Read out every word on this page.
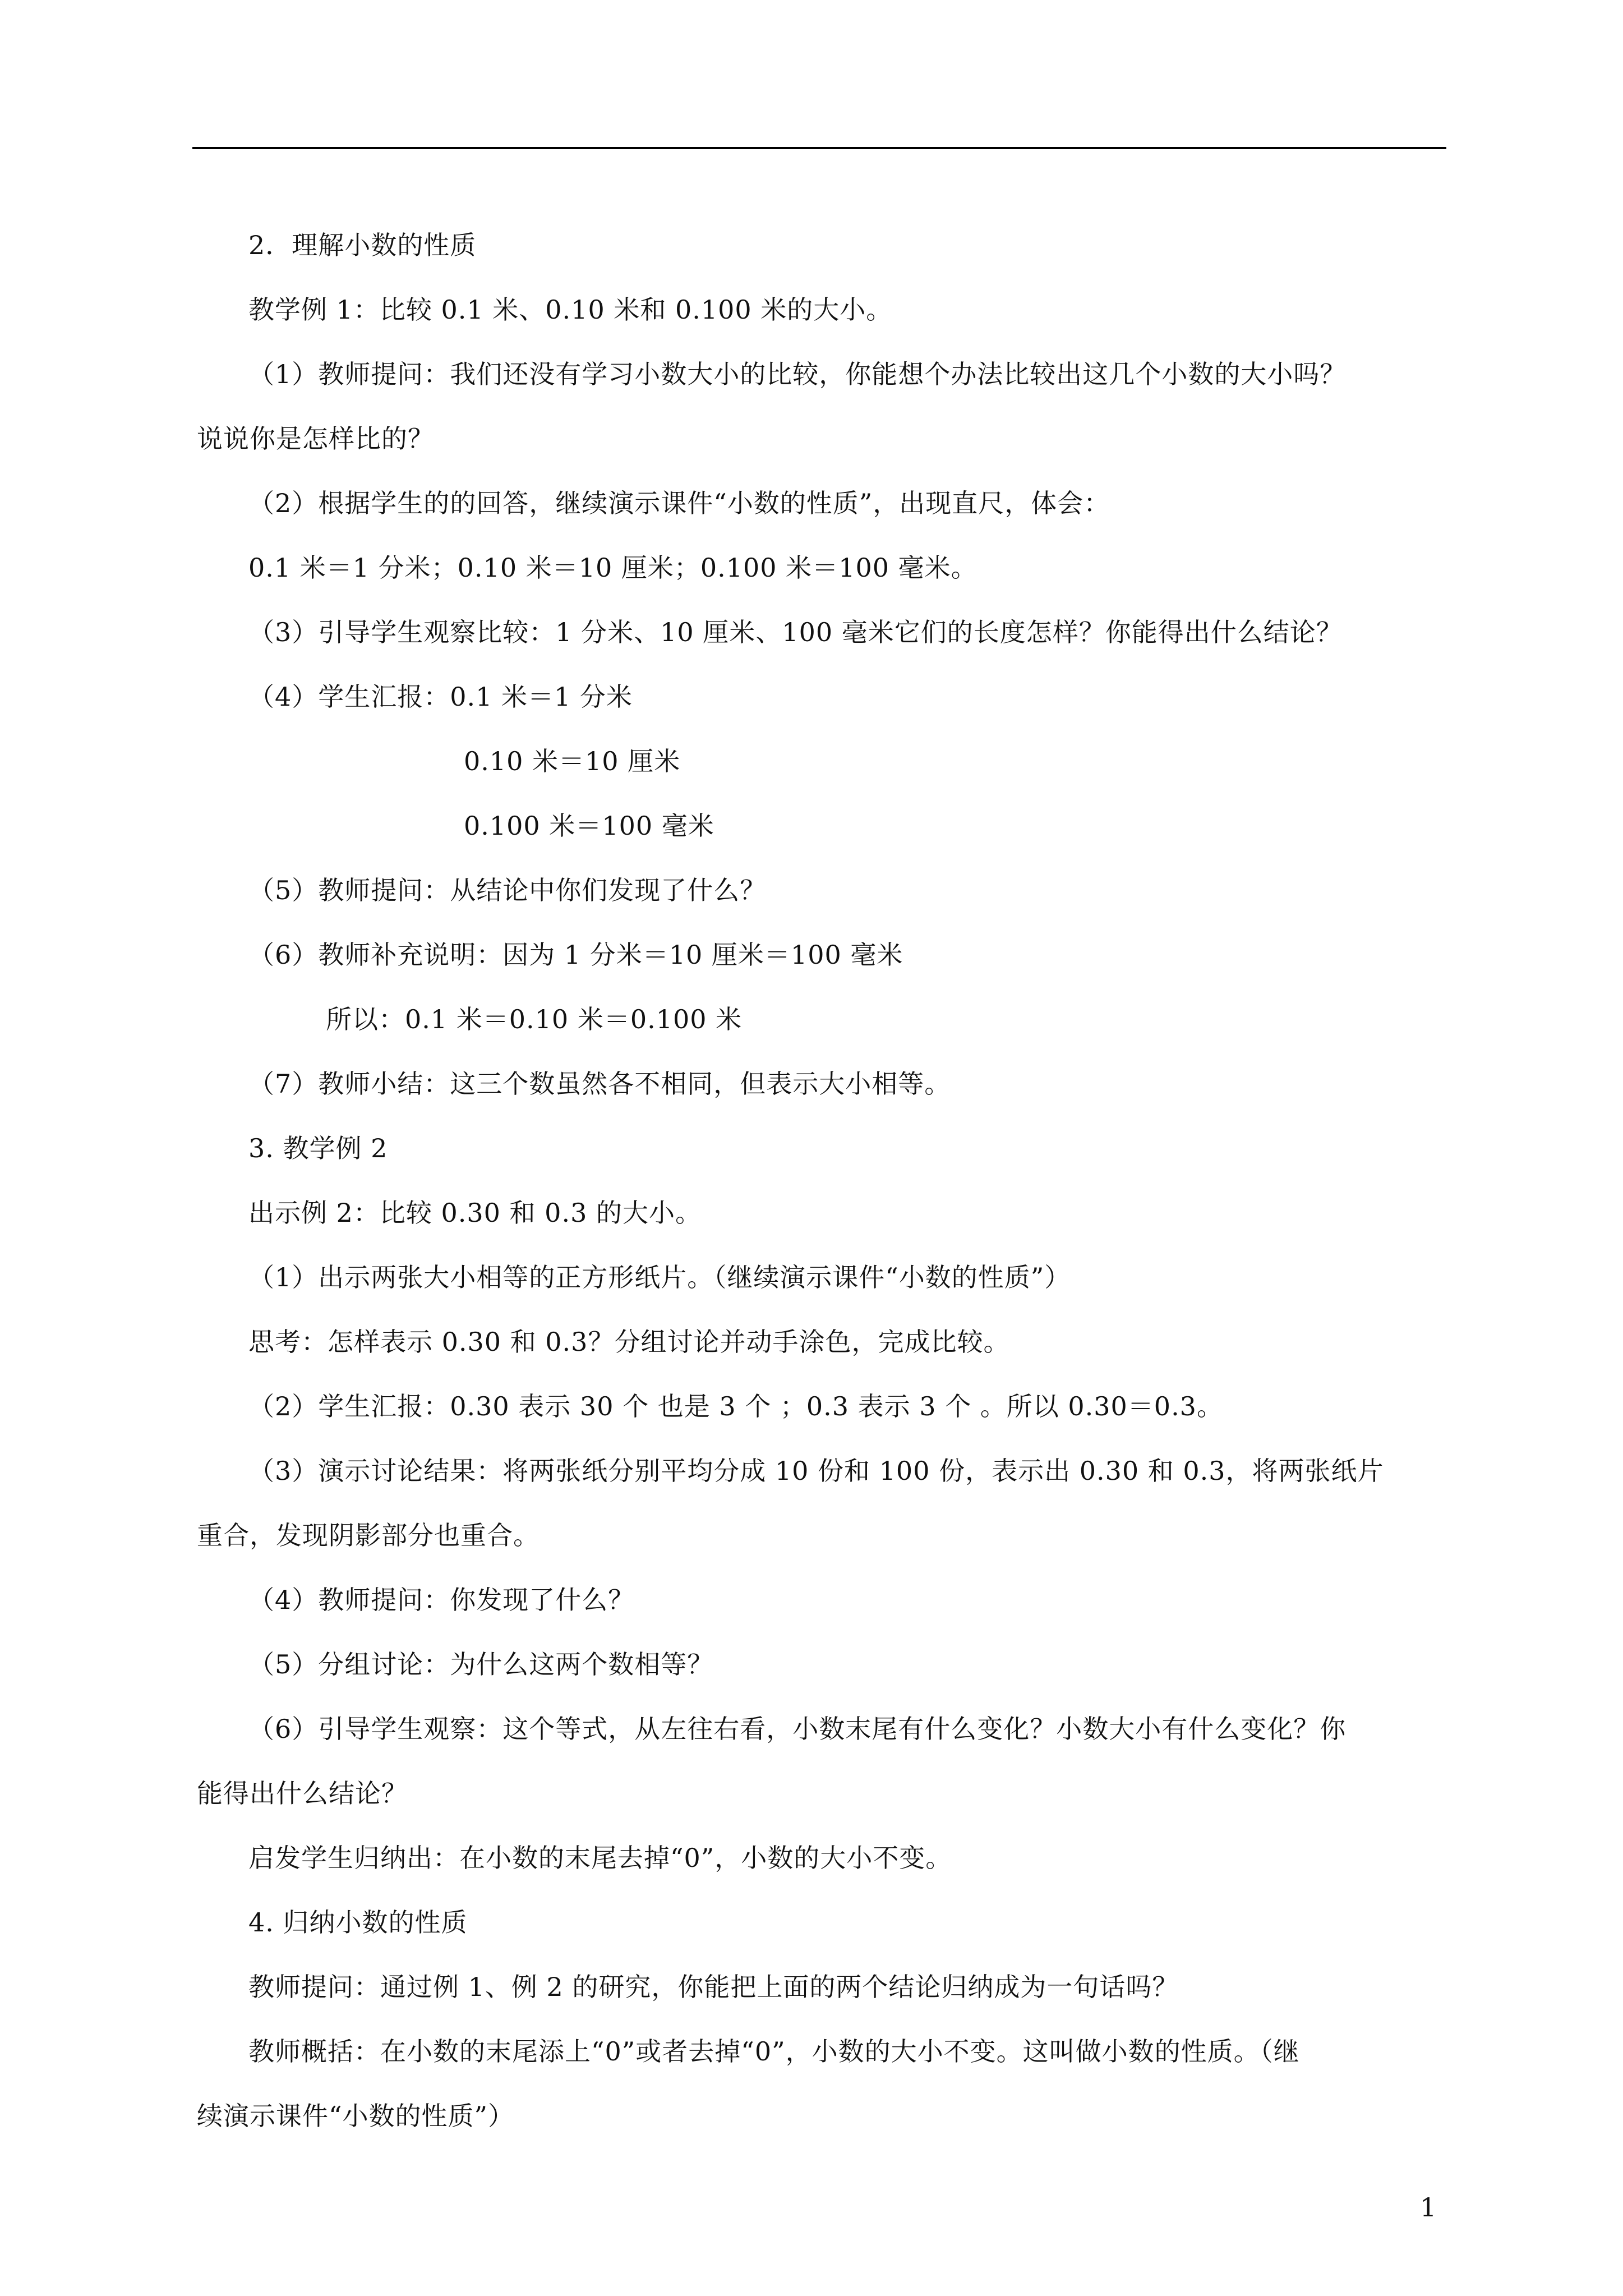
2．理解小数的性质
教学例 1：比较 0.1 米、0.10 米和 0.100 米的大小。
（1）教师提问：我们还没有学习小数大小的比较，你能想个办法比较出这几个小数的大小吗？
说说你是怎样比的？
（2）根据学生的的回答，继续演示课件“小数的性质”，出现直尺，体会：
0.1 米＝1 分米；0.10 米＝10 厘米；0.100 米＝100 毫米。
（3）引导学生观察比较：1 分米、10 厘米、100 毫米它们的长度怎样？你能得出什么结论？
（4）学生汇报：0.1 米＝1 分米
0.10 米＝10 厘米
0.100 米＝100 毫米
（5）教师提问：从结论中你们发现了什么？
（6）教师补充说明：因为 1 分米＝10 厘米＝100 毫米
所以：0.1 米＝0.10 米＝0.100 米
（7）教师小结：这三个数虽然各不相同，但表示大小相等。
3. 教学例 2
出示例 2：比较 0.30 和 0.3 的大小。
（1）出示两张大小相等的正方形纸片。（继续演示课件“小数的性质”）
思考：怎样表示 0.30 和 0.3？分组讨论并动手涂色，完成比较。
（2）学生汇报：0.30 表示 30 个 也是 3 个 ；0.3 表示 3 个 。所以 0.30＝0.3。
（3）演示讨论结果：将两张纸分别平均分成 10 份和 100 份，表示出 0.30 和 0.3，将两张纸片
重合，发现阴影部分也重合。
（4）教师提问：你发现了什么？
（5）分组讨论：为什么这两个数相等？
（6）引导学生观察：这个等式，从左往右看，小数末尾有什么变化？小数大小有什么变化？你
能得出什么结论？
启发学生归纳出：在小数的末尾去掉“0”，小数的大小不变。
4. 归纳小数的性质
教师提问：通过例 1、例 2 的研究，你能把上面的两个结论归纳成为一句话吗？
教师概括：在小数的末尾添上“0”或者去掉“0”，小数的大小不变。这叫做小数的性质。（继
续演示课件“小数的性质”）
1
